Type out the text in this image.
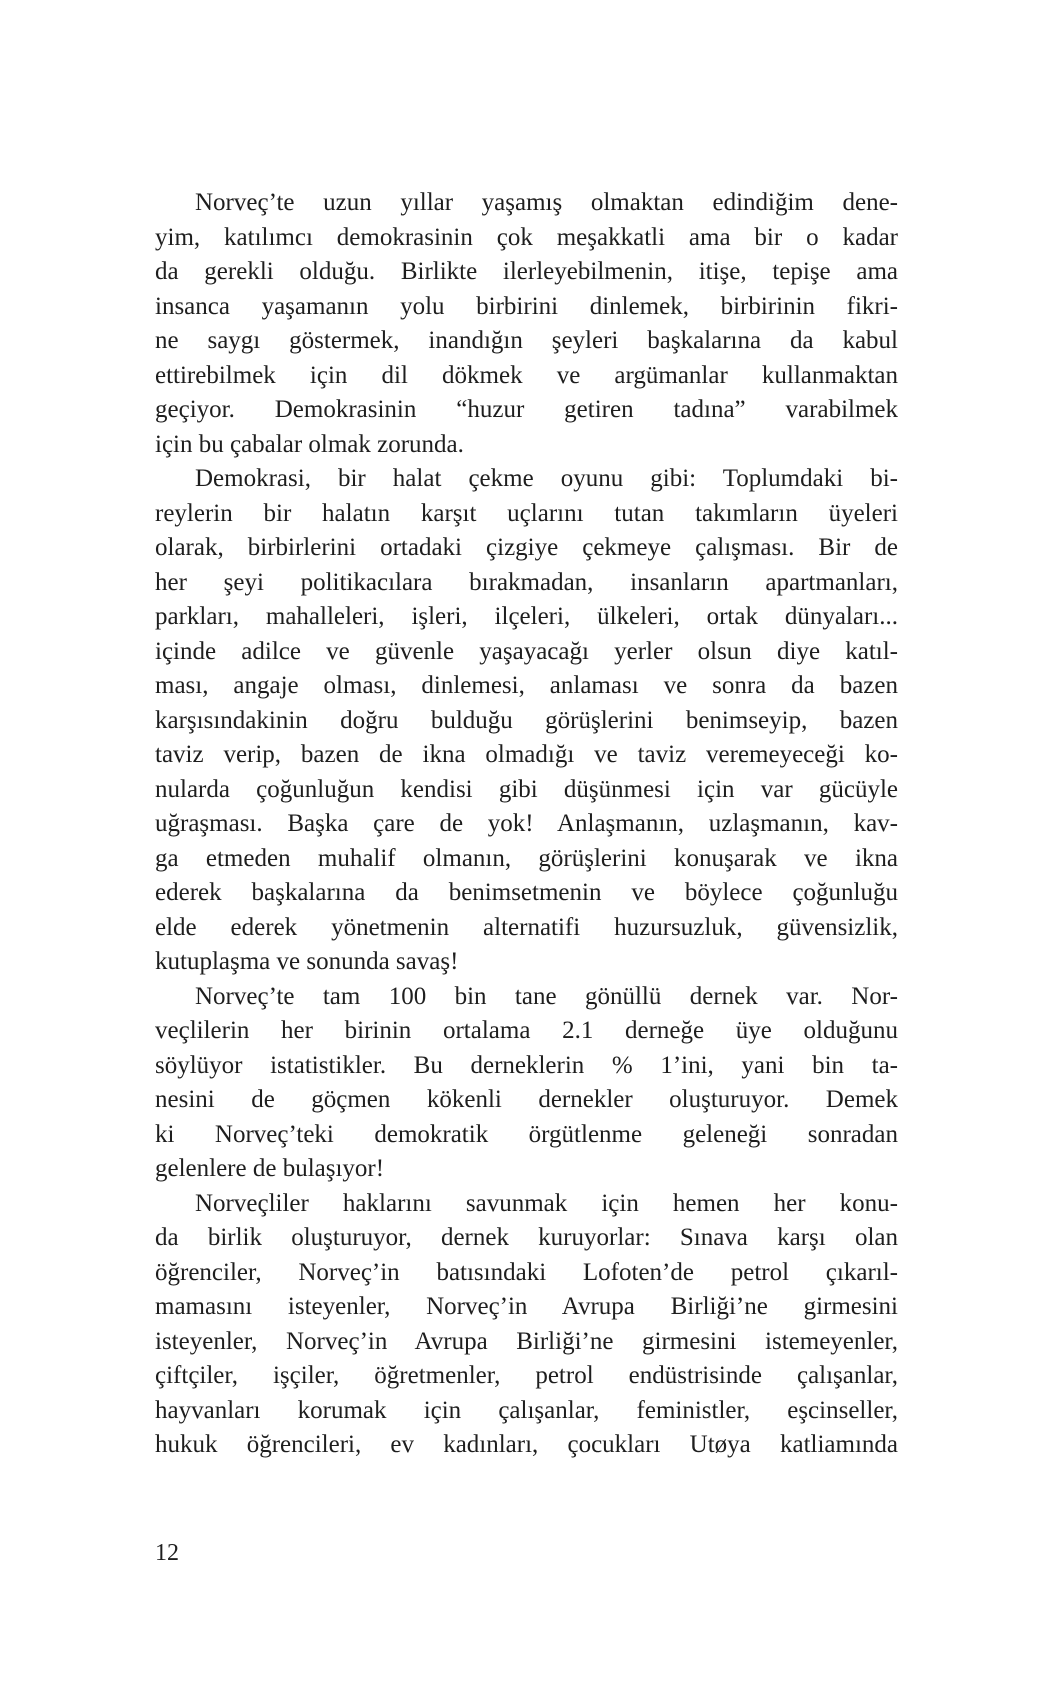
Norveç’te uzun yıllar yaşamış olmaktan edindiğim dene-
yim, katılımcı demokrasinin çok meşakkatli ama bir o kadar
da gerekli olduğu. Birlikte ilerleyebilmenin, itişe, tepişe ama
insanca yaşamanın yolu birbirini dinlemek, birbirinin fikri-
ne saygı göstermek, inandığın şeyleri başkalarına da kabul
ettirebilmek için dil dökmek ve argümanlar kullanmaktan
geçiyor. Demokrasinin “huzur getiren tadına” varabilmek
için bu çabalar olmak zorunda.
Demokrasi, bir halat çekme oyunu gibi: Toplumdaki bi-
reylerin bir halatın karşıt uçlarını tutan takımların üyeleri
olarak, birbirlerini ortadaki çizgiye çekmeye çalışması. Bir de
her şeyi politikacılara bırakmadan, insanların apartmanları,
parkları, mahalleleri, işleri, ilçeleri, ülkeleri, ortak dünyaları...
içinde adilce ve güvenle yaşayacağı yerler olsun diye katıl-
ması, angaje olması, dinlemesi, anlaması ve sonra da bazen
karşısındakinin doğru bulduğu görüşlerini benimseyip, bazen
taviz verip, bazen de ikna olmadığı ve taviz veremeyeceği ko-
nularda çoğunluğun kendisi gibi düşünmesi için var gücüyle
uğraşması. Başka çare de yok! Anlaşmanın, uzlaşmanın, kav-
ga etmeden muhalif olmanın, görüşlerini konuşarak ve ikna
ederek başkalarına da benimsetmenin ve böylece çoğunluğu
elde ederek yönetmenin alternatifi huzursuzluk, güvensizlik,
kutuplaşma ve sonunda savaş!
Norveç’te tam 100 bin tane gönüllü dernek var. Nor-
veçlilerin her birinin ortalama 2.1 derneğe üye olduğunu
söylüyor istatistikler. Bu derneklerin % 1’ini, yani bin ta-
nesini de göçmen kökenli dernekler oluşturuyor. Demek
ki Norveç’teki demokratik örgütlenme geleneği sonradan
gelenlere de bulaşıyor!
Norveçliler haklarını savunmak için hemen her konu-
da birlik oluşturuyor, dernek kuruyorlar: Sınava karşı olan
öğrenciler, Norveç’in batısındaki Lofoten’de petrol çıkarıl-
mamasını isteyenler, Norveç’in Avrupa Birliği’ne girmesini
isteyenler, Norveç’in Avrupa Birliği’ne girmesini istemeyenler,
çiftçiler, işçiler, öğretmenler, petrol endüstrisinde çalışanlar,
hayvanları korumak için çalışanlar, feministler, eşcinseller,
hukuk öğrencileri, ev kadınları, çocukları Utøya katliamında
12
